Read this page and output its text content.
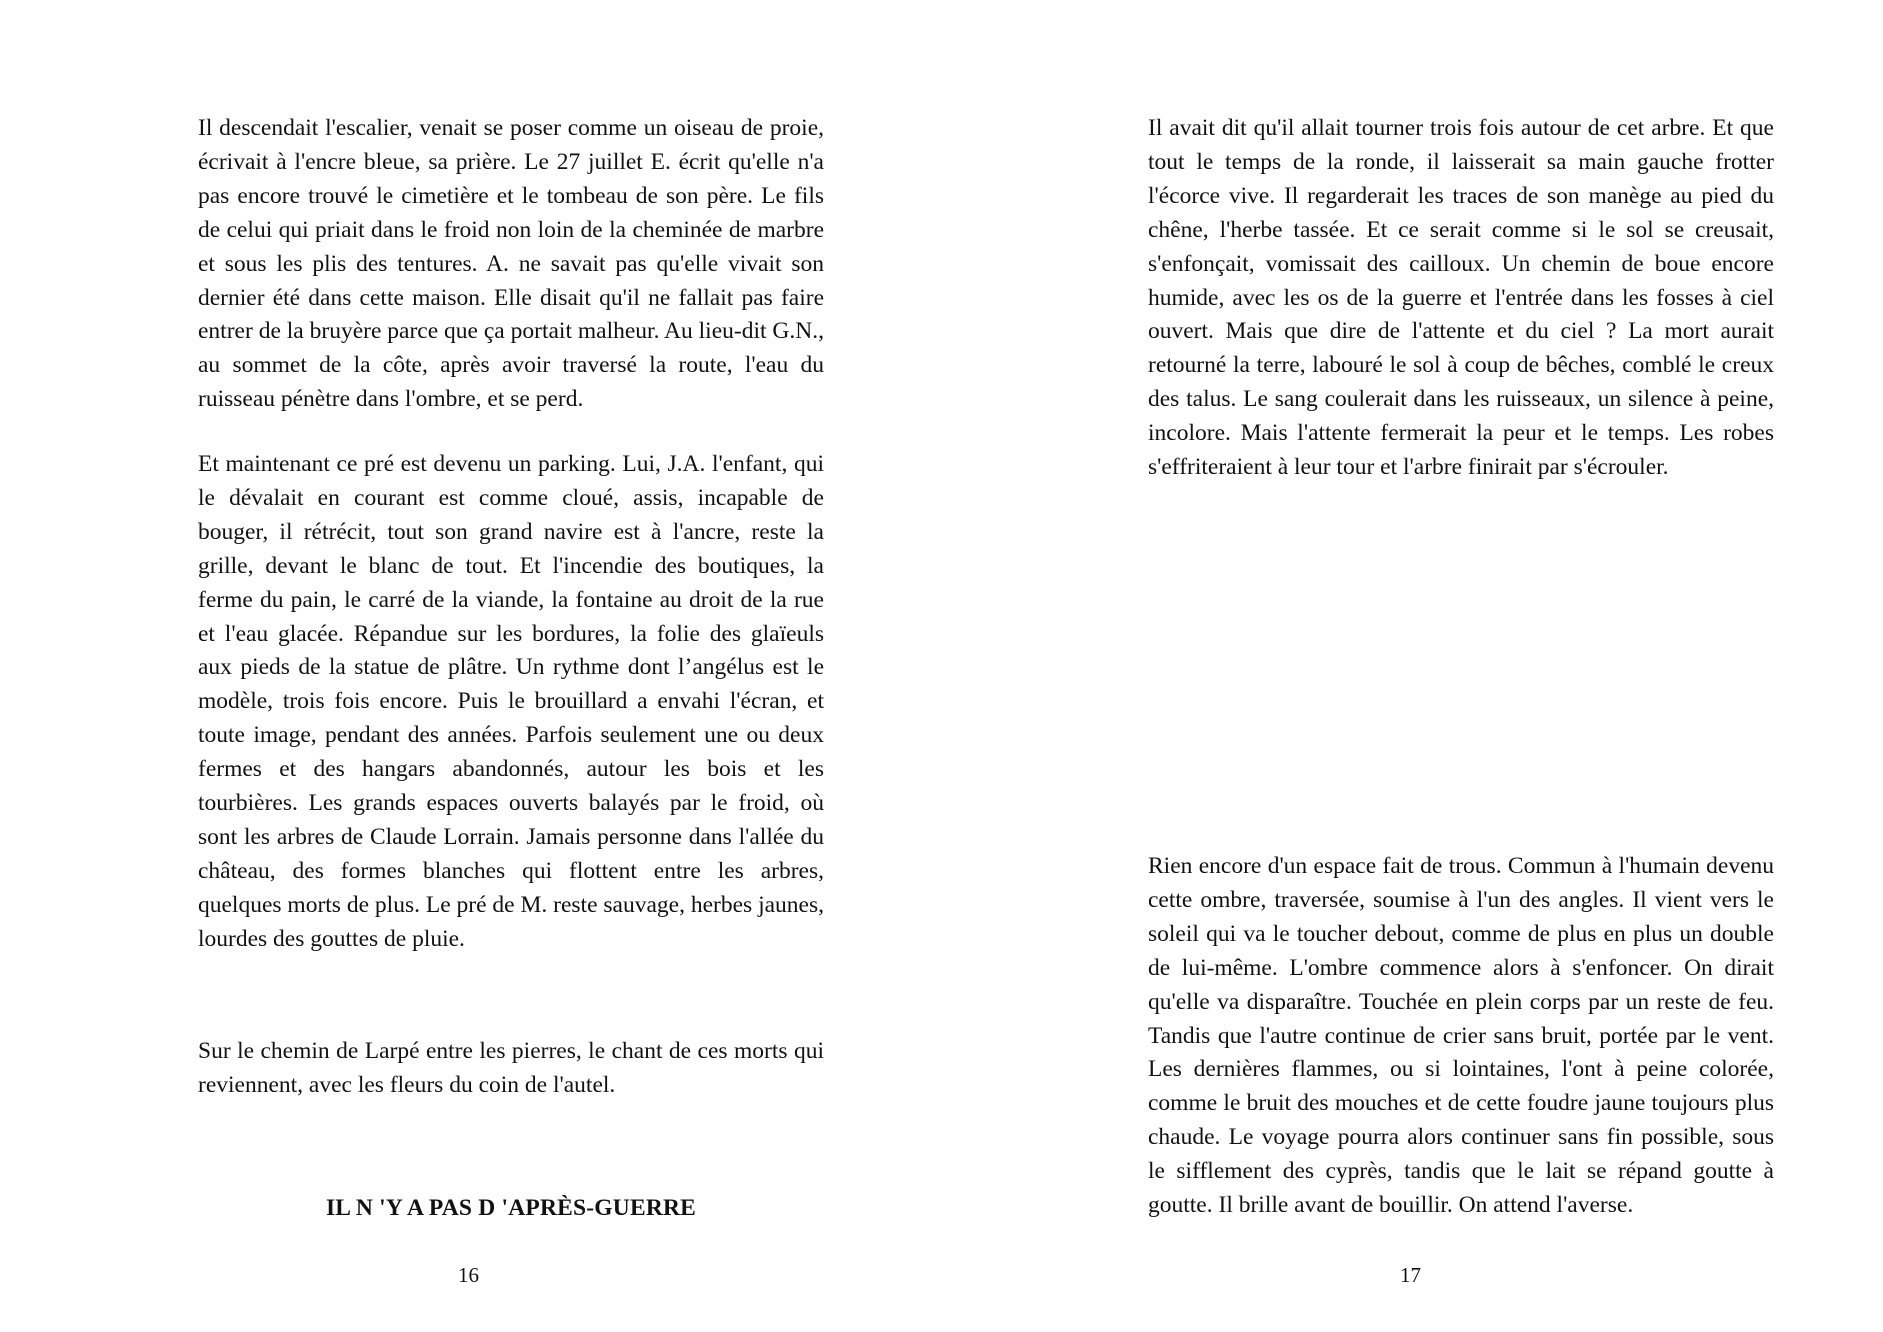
Il descendait l'escalier, venait se poser comme un oiseau de proie, écrivait à l'encre bleue, sa prière. Le 27 juillet E. écrit qu'elle n'a pas encore trouvé le cimetière et le tombeau de son père. Le fils de celui qui priait dans le froid non loin de la cheminée de marbre et sous les plis des tentures. A. ne savait pas qu'elle vivait son dernier été dans cette maison. Elle disait qu'il ne fallait pas faire entrer de la bruyère parce que ça portait malheur. Au lieu-dit G.N., au sommet de la côte, après avoir traversé la route, l'eau du ruisseau pénètre dans l'ombre, et se perd.

Et maintenant ce pré est devenu un parking. Lui, J.A. l'enfant, qui le dévalait en courant est comme cloué, assis, incapable de bouger, il rétrécit, tout son grand navire est à l'ancre, reste la grille, devant le blanc de tout. Et l'incendie des boutiques, la ferme du pain, le carré de la viande, la fontaine au droit de la rue et l'eau glacée. Répandue sur les bordures, la folie des glaïeuls aux pieds de la statue de plâtre. Un rythme dont l’angélus est le modèle, trois fois encore. Puis le brouillard a envahi l'écran, et toute image, pendant des années. Parfois seulement une ou deux fermes et des hangars abandonnés, autour les bois et les tourbières. Les grands espaces ouverts balayés par le froid, où sont les arbres de Claude Lorrain. Jamais personne dans l'allée du château, des formes blanches qui flottent entre les arbres, quelques morts de plus. Le pré de M. reste sauvage, herbes jaunes, lourdes des gouttes de pluie.

Sur le chemin de Larpé entre les pierres, le chant de ces morts qui reviennent, avec les fleurs du coin de l'autel.

IL N 'Y A PAS D 'APRÈS-GUERRE

16

Il avait dit qu'il allait tourner trois fois autour de cet arbre. Et que tout le temps de la ronde, il laisserait sa main gauche frotter l'écorce vive. Il regarderait les traces de son manège au pied du chêne, l'herbe tassée. Et ce serait comme si le sol se creusait, s'enfonçait, vomissait des cailloux. Un chemin de boue encore humide, avec les os de la guerre et l'entrée dans les fosses à ciel ouvert. Mais que dire de l'attente et du ciel ? La mort aurait retourné la terre, labouré le sol à coup de bêches, comblé le creux des talus. Le sang coulerait dans les ruisseaux, un silence à peine, incolore. Mais l'attente fermerait la peur et le temps. Les robes s'effriteraient à leur tour et l'arbre finirait par s'écrouler.

Rien encore d'un espace fait de trous. Commun à l'humain devenu cette ombre, traversée, soumise à l'un des angles. Il vient vers le soleil qui va le toucher debout, comme de plus en plus un double de lui-même. L'ombre commence alors à s'enfoncer. On dirait qu'elle va disparaître. Touchée en plein corps par un reste de feu. Tandis que l'autre continue de crier sans bruit, portée par le vent. Les dernières flammes, ou si lointaines, l'ont à peine colorée, comme le bruit des mouches et de cette foudre jaune toujours plus chaude. Le voyage pourra alors continuer sans fin possible, sous le sifflement des cyprès, tandis que le lait se répand goutte à goutte. Il brille avant de bouillir. On attend l'averse.

17
